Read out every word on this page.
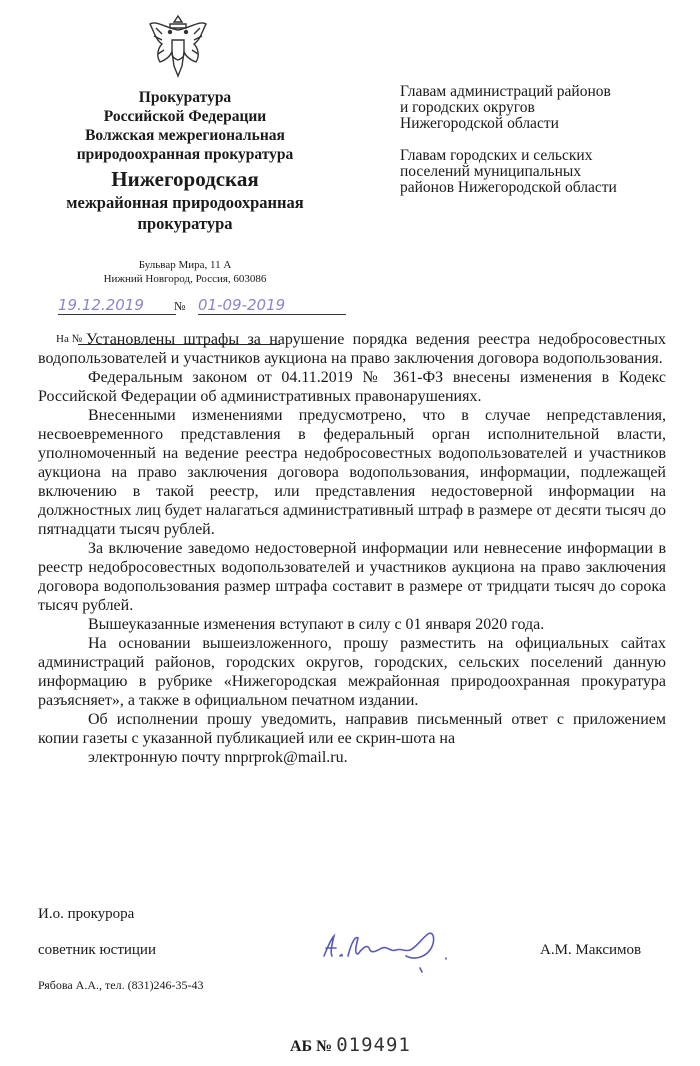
Прокуратура
Российской Федерации
Волжская межрегиональная
природоохранная прокуратура
Нижегородская
межрайонная природоохранная
прокуратура
Бульвар Мира, 11 А
Нижний Новгород, Россия, 603086
19.12.2019	№ 01-09-2019
Главам администраций районов
и городских округов
Нижегородской области
Главам городских и сельских
поселений муниципальных
районов Нижегородской области
На № Установлены штрафы за нарушение порядка ведения реестра недобросовестных водопользователей и участников аукциона на право заключения договора водопользования.

Федеральным законом от 04.11.2019 № 361-ФЗ внесены изменения в Кодекс Российской Федерации об административных правонарушениях.

Внесенными изменениями предусмотрено, что в случае непредставления, несвоевременного представления в федеральный орган исполнительной власти, уполномоченный на ведение реестра недобросовестных водопользователей и участников аукциона на право заключения договора водопользования, информации, подлежащей включению в такой реестр, или представления недостоверной информации на должностных лиц будет налагаться административный штраф в размере от десяти тысяч до пятнадцати тысяч рублей.

За включение заведомо недостоверной информации или невнесение информации в реестр недобросовестных водопользователей и участников аукциона на право заключения договора водопользования размер штрафа составит в размере от тридцати тысяч до сорока тысяч рублей.

Вышеуказанные изменения вступают в силу с 01 января 2020 года.

На основании вышеизложенного, прошу разместить на официальных сайтах администраций районов, городских округов, городских, сельских поселений данную информацию в рубрике «Нижегородская межрайонная природоохранная прокуратура разъясняет», а также в официальном печатном издании.

Об исполнении прошу уведомить, направив письменный ответ с приложением копии газеты с указанной публикацией или ее скрин-шота на

электронную почту nnprprok@mail.ru.

И.о. прокурора
советник юстиции	А.М. Максимов
Рябова А.А., тел. (831)246-35-43
АБ № 019491
